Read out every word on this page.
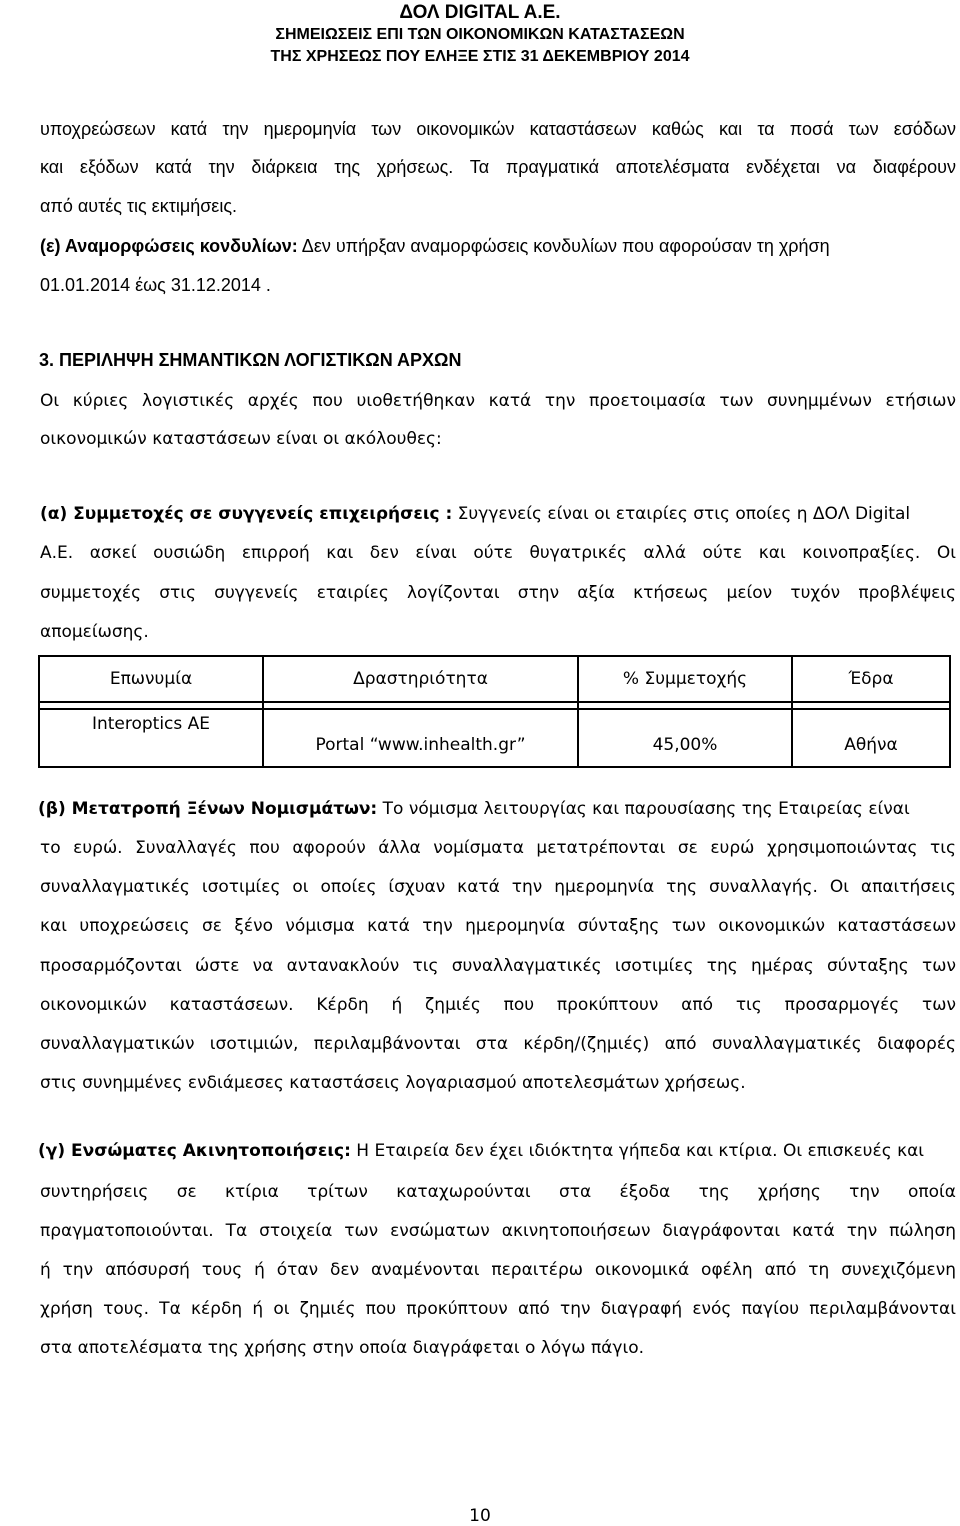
ΔΟΛ DIGITAL A.E.
ΣΗΜΕΙΩΣΕΙΣ ΕΠΙ ΤΩΝ ΟΙΚΟΝΟΜΙΚΩΝ ΚΑΤΑΣΤΑΣΕΩΝ
ΤΗΣ ΧΡΗΣΕΩΣ ΠΟΥ ΕΛΗΞΕ ΣΤΙΣ 31 ΔΕΚΕΜΒΡΙΟΥ 2014
υποχρεώσεων κατά την ημερομηνία των οικονομικών καταστάσεων καθώς και τα ποσά των εσόδων
και εξόδων κατά την διάρκεια της χρήσεως. Τα πραγματικά αποτελέσματα ενδέχεται να διαφέρουν
από αυτές τις εκτιμήσεις.
(ε) Αναμορφώσεις κονδυλίων: Δεν υπήρξαν αναμορφώσεις κονδυλίων που αφορούσαν τη χρήση
01.01.2014 έως 31.12.2014 .
3. ΠΕΡΙΛΗΨΗ ΣΗΜΑΝΤΙΚΩΝ ΛΟΓΙΣΤΙΚΩΝ ΑΡΧΩΝ
Οι κύριες λογιστικές αρχές που υιοθετήθηκαν κατά την προετοιμασία των συνημμένων ετήσιων
οικονομικών καταστάσεων είναι οι ακόλουθες:
(α) Συμμετοχές σε συγγενείς επιχειρήσεις : Συγγενείς είναι οι εταιρίες στις οποίες η ΔΟΛ Digital
Α.Ε. ασκεί ουσιώδη επιρροή και δεν είναι ούτε θυγατρικές αλλά ούτε και κοινοπραξίες. Οι
συμμετοχές στις συγγενείς εταιρίες λογίζονται στην αξία κτήσεως μείον τυχόν προβλέψεις
απομείωσης.
Επωνυμία	Δραστηριότητα	% Συμμετοχής	Έδρα

Interoptics AE	Portal “www.inhealth.gr”	45,00%	Αθήνα
(β) Μετατροπή Ξένων Νομισμάτων: Το νόμισμα λειτουργίας και παρουσίασης της Εταιρείας είναι
το ευρώ. Συναλλαγές που αφορούν άλλα νομίσματα μετατρέπονται σε ευρώ χρησιμοποιώντας τις
συναλλαγματικές ισοτιμίες οι οποίες ίσχυαν κατά την ημερομηνία της συναλλαγής. Οι απαιτήσεις
και υποχρεώσεις σε ξένο νόμισμα κατά την ημερομηνία σύνταξης των οικονομικών καταστάσεων
προσαρμόζονται ώστε να αντανακλούν τις συναλλαγματικές ισοτιμίες της ημέρας σύνταξης των
οικονομικών καταστάσεων. Κέρδη ή ζημιές που προκύπτουν από τις προσαρμογές των
συναλλαγματικών ισοτιμιών, περιλαμβάνονται στα κέρδη/(ζημιές) από συναλλαγματικές διαφορές
στις συνημμένες ενδιάμεσες καταστάσεις λογαριασμού αποτελεσμάτων χρήσεως.
(γ) Ενσώματες Ακινητοποιήσεις: Η Εταιρεία δεν έχει ιδιόκτητα γήπεδα και κτίρια. Οι επισκευές και
συντηρήσεις σε κτίρια τρίτων καταχωρούνται στα έξοδα της χρήσης την οποία
πραγματοποιούνται. Τα στοιχεία των ενσώματων ακινητοποιήσεων διαγράφονται κατά την πώληση
ή την απόσυρσή τους ή όταν δεν αναμένονται περαιτέρω οικονομικά οφέλη από τη συνεχιζόμενη
χρήση τους. Τα κέρδη ή οι ζημιές που προκύπτουν από την διαγραφή ενός παγίου περιλαμβάνονται
στα αποτελέσματα της χρήσης στην οποία διαγράφεται ο λόγω πάγιο.
10
